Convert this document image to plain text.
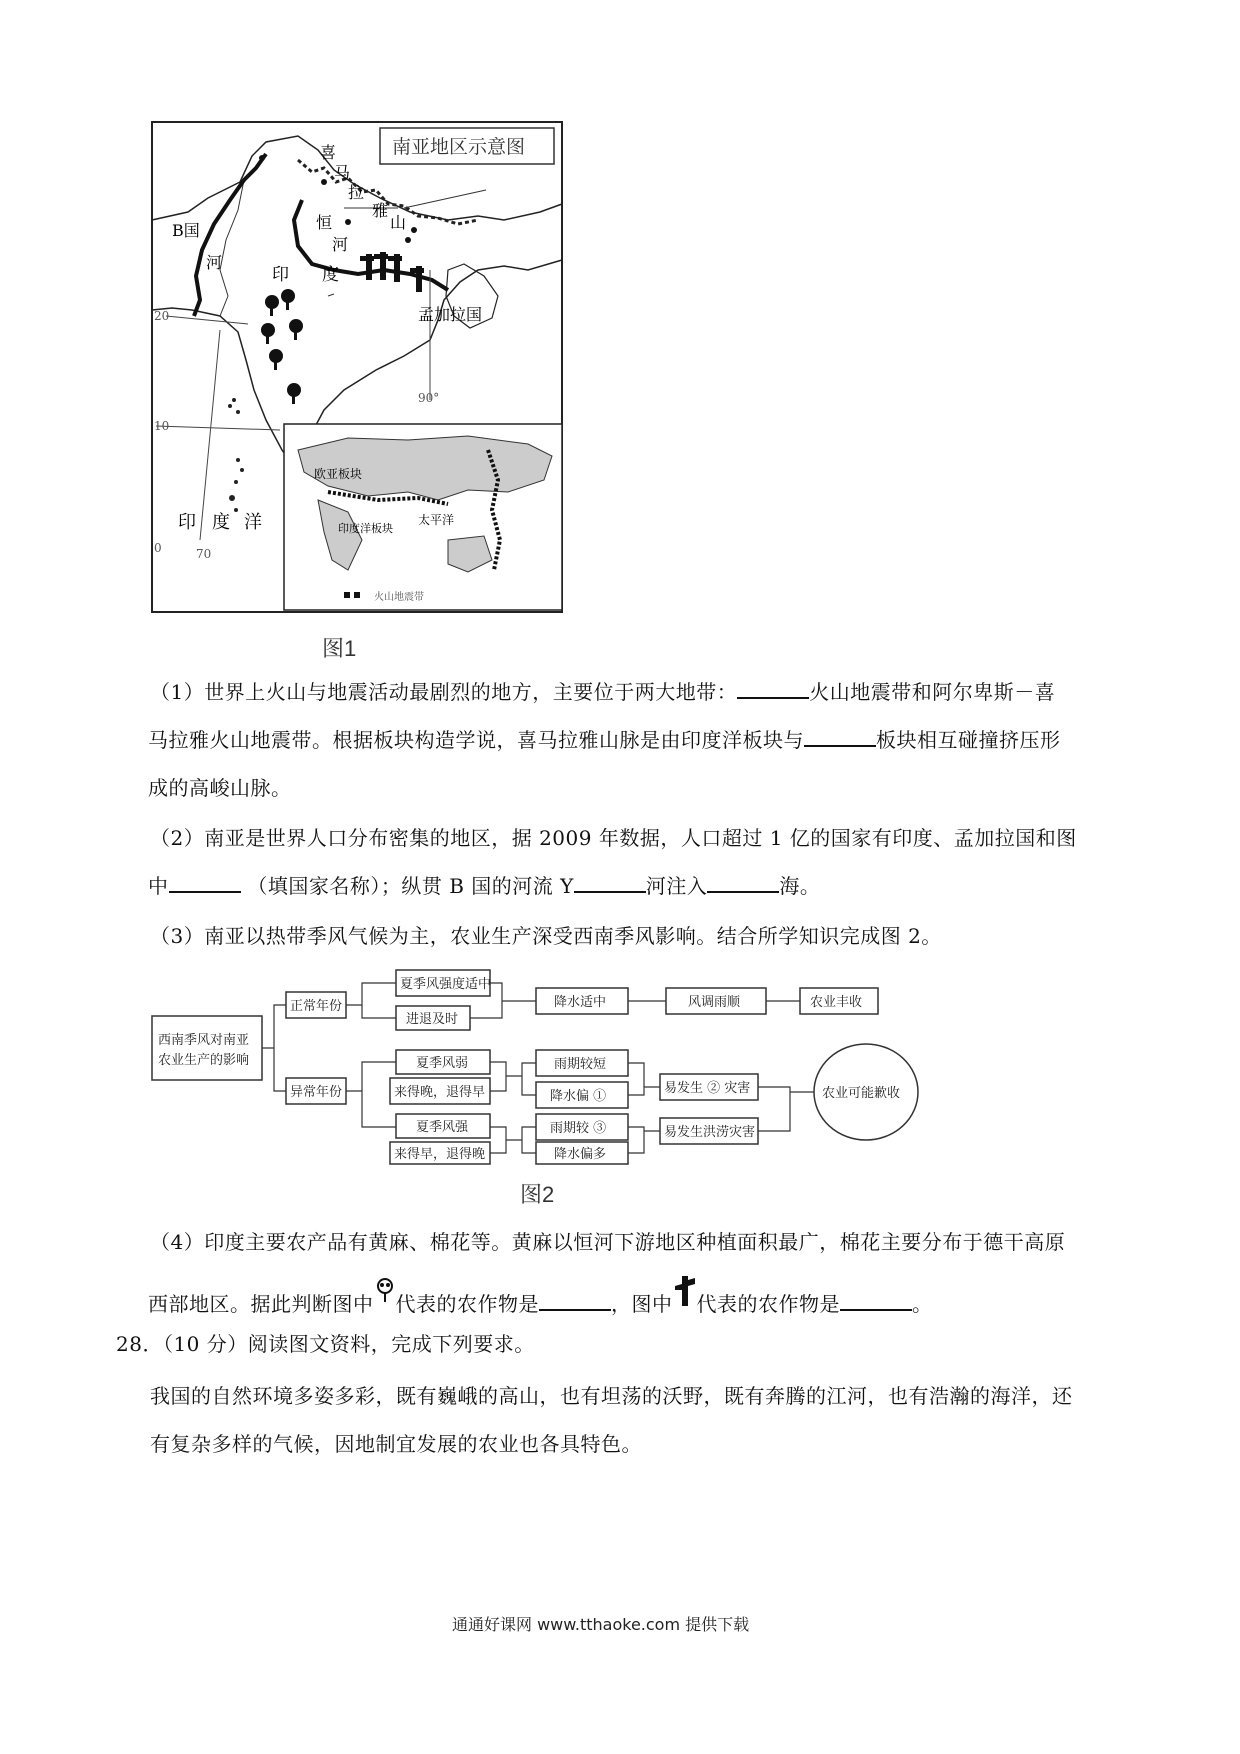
南亚地区示意图
喜
马
拉
雅
山
B国
河
恒
河
印 度
孟加拉国
20
10
0	70
90°
印 度 洋
欧亚板块
印度洋板块
太平洋
火山地震带
图1
（1）世界上火山与地震活动最剧烈的地方，主要位于两大地带：	火山地震带和阿尔卑斯－喜
马拉雅火山地震带。根据板块构造学说，喜马拉雅山脉是由印度洋板块与	板块相互碰撞挤压形
成的高峻山脉。
（2）南亚是世界人口分布密集的地区，据 2009 年数据，人口超过 1 亿的国家有印度、孟加拉国和图
中	（填国家名称）；纵贯 B 国的河流 Y	河注入	海。
（3）南亚以热带季风气候为主，农业生产深受西南季风影响。结合所学知识完成图 2。
西南季风对南亚
农业生产的影响
正常年份
异常年份
夏季风强度适中
进退及时
降水适中	风调雨顺	农业丰收
夏季风弱
来得晚，退得早
雨期较短
降水偏 ①
易发生 ② 灾害
夏季风强
来得早，退得晚
雨期较 ③
降水偏多
易发生洪涝灾害
农业可能歉收
图2
（4）印度主要农产品有黄麻、棉花等。黄麻以恒河下游地区种植面积最广，棉花主要分布于德干高原
西部地区。据此判断图中 代表的农作物是	，图中 代表的农作物是	。
28．（10 分）阅读图文资料，完成下列要求。
我国的自然环境多姿多彩，既有巍峨的高山，也有坦荡的沃野，既有奔腾的江河，也有浩瀚的海洋，还
有复杂多样的气候，因地制宜发展的农业也各具特色。
通通好课网 www.tthaoke.com 提供下载
